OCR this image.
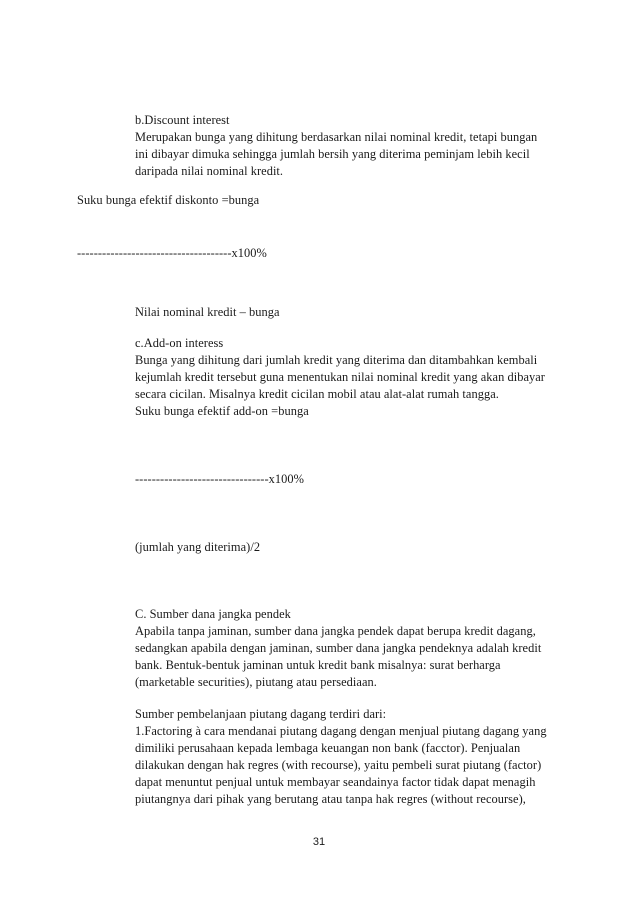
b.Discount interest
Merupakan bunga yang dihitung berdasarkan nilai nominal kredit, tetapi bungan
ini dibayar dimuka sehingga jumlah bersih yang diterima peminjam lebih kecil
daripada nilai nominal kredit.
Suku bunga efektif diskonto =bunga
-------------------------------------x100%
Nilai nominal kredit – bunga
c.Add-on interess
Bunga yang dihitung dari jumlah kredit yang diterima dan ditambahkan kembali
kejumlah kredit tersebut guna menentukan nilai nominal kredit yang akan dibayar
secara cicilan. Misalnya kredit cicilan mobil atau alat-alat rumah tangga.
Suku bunga efektif add-on =bunga
--------------------------------x100%
(jumlah yang diterima)/2
C. Sumber dana jangka pendek
Apabila tanpa jaminan, sumber dana jangka pendek dapat berupa kredit dagang,
sedangkan apabila dengan jaminan, sumber dana jangka pendeknya adalah kredit
bank. Bentuk-bentuk jaminan untuk kredit bank misalnya: surat berharga
(marketable securities), piutang atau persediaan.
Sumber pembelanjaan piutang dagang terdiri dari:
1.Factoring à cara mendanai piutang dagang dengan menjual piutang dagang yang
dimiliki perusahaan kepada lembaga keuangan non bank (facctor). Penjualan
dilakukan dengan hak regres (with recourse), yaitu pembeli surat piutang (factor)
dapat menuntut penjual untuk membayar seandainya factor tidak dapat menagih
piutangnya dari pihak yang berutang atau tanpa hak regres (without recourse),
31
